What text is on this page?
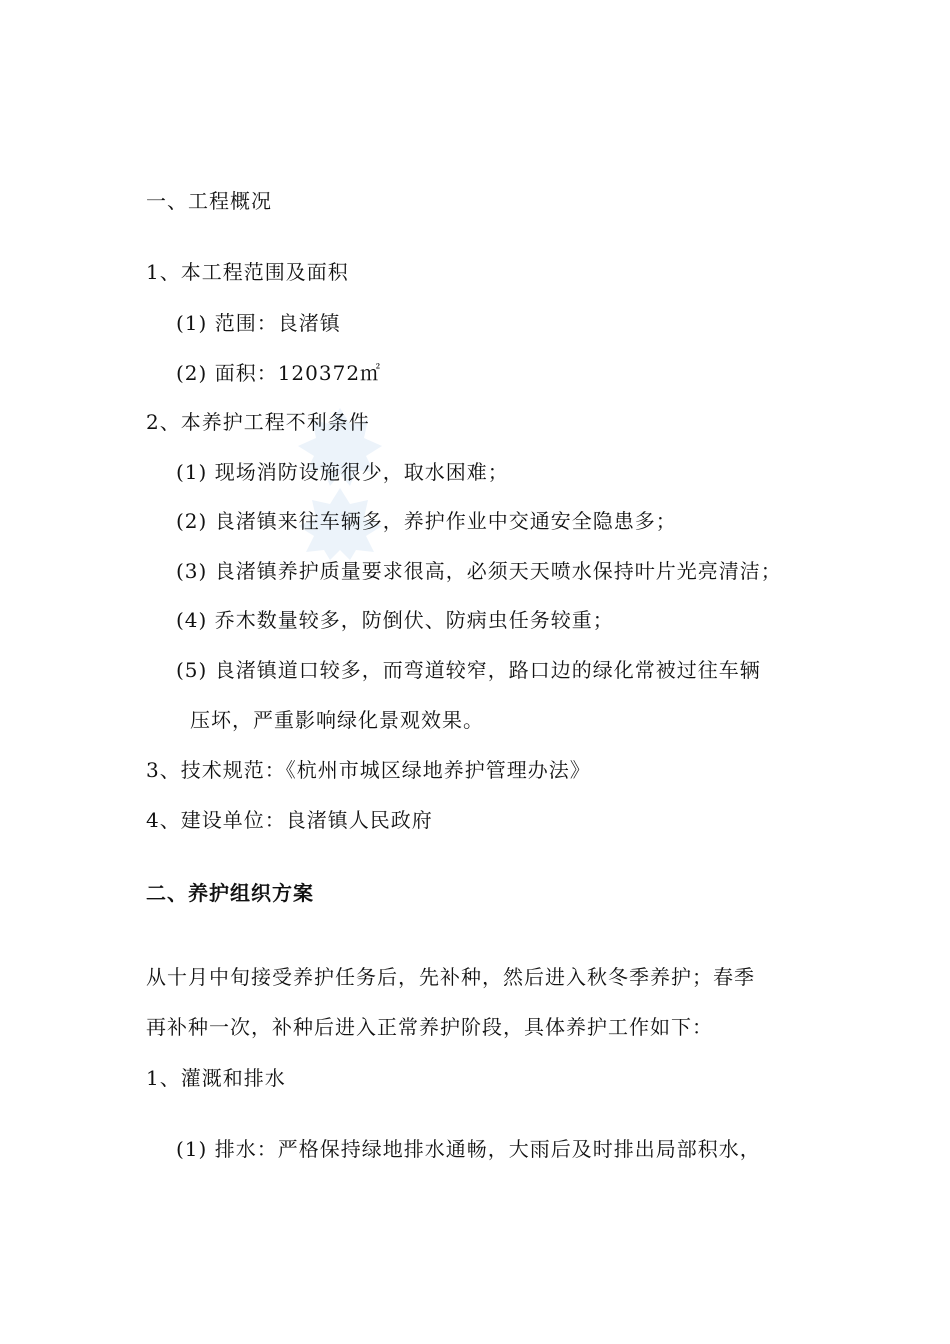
一、工程概况

1、本工程范围及面积

(1) 范围：良渚镇

(2) 面积：120372㎡

2、本养护工程不利条件

(1) 现场消防设施很少，取水困难；

(2) 良渚镇来往车辆多，养护作业中交通安全隐患多；

(3) 良渚镇养护质量要求很高，必须天天喷水保持叶片光亮清洁；

(4) 乔木数量较多，防倒伏、防病虫任务较重；

(5) 良渚镇道口较多，而弯道较窄，路口边的绿化常被过往车辆

压坏，严重影响绿化景观效果。

3、技术规范：《杭州市城区绿地养护管理办法》

4、建设单位：良渚镇人民政府

二、养护组织方案

从十月中旬接受养护任务后，先补种，然后进入秋冬季养护；春季

再补种一次，补种后进入正常养护阶段，具体养护工作如下：

1、灌溉和排水

(1) 排水：严格保持绿地排水通畅，大雨后及时排出局部积水，
